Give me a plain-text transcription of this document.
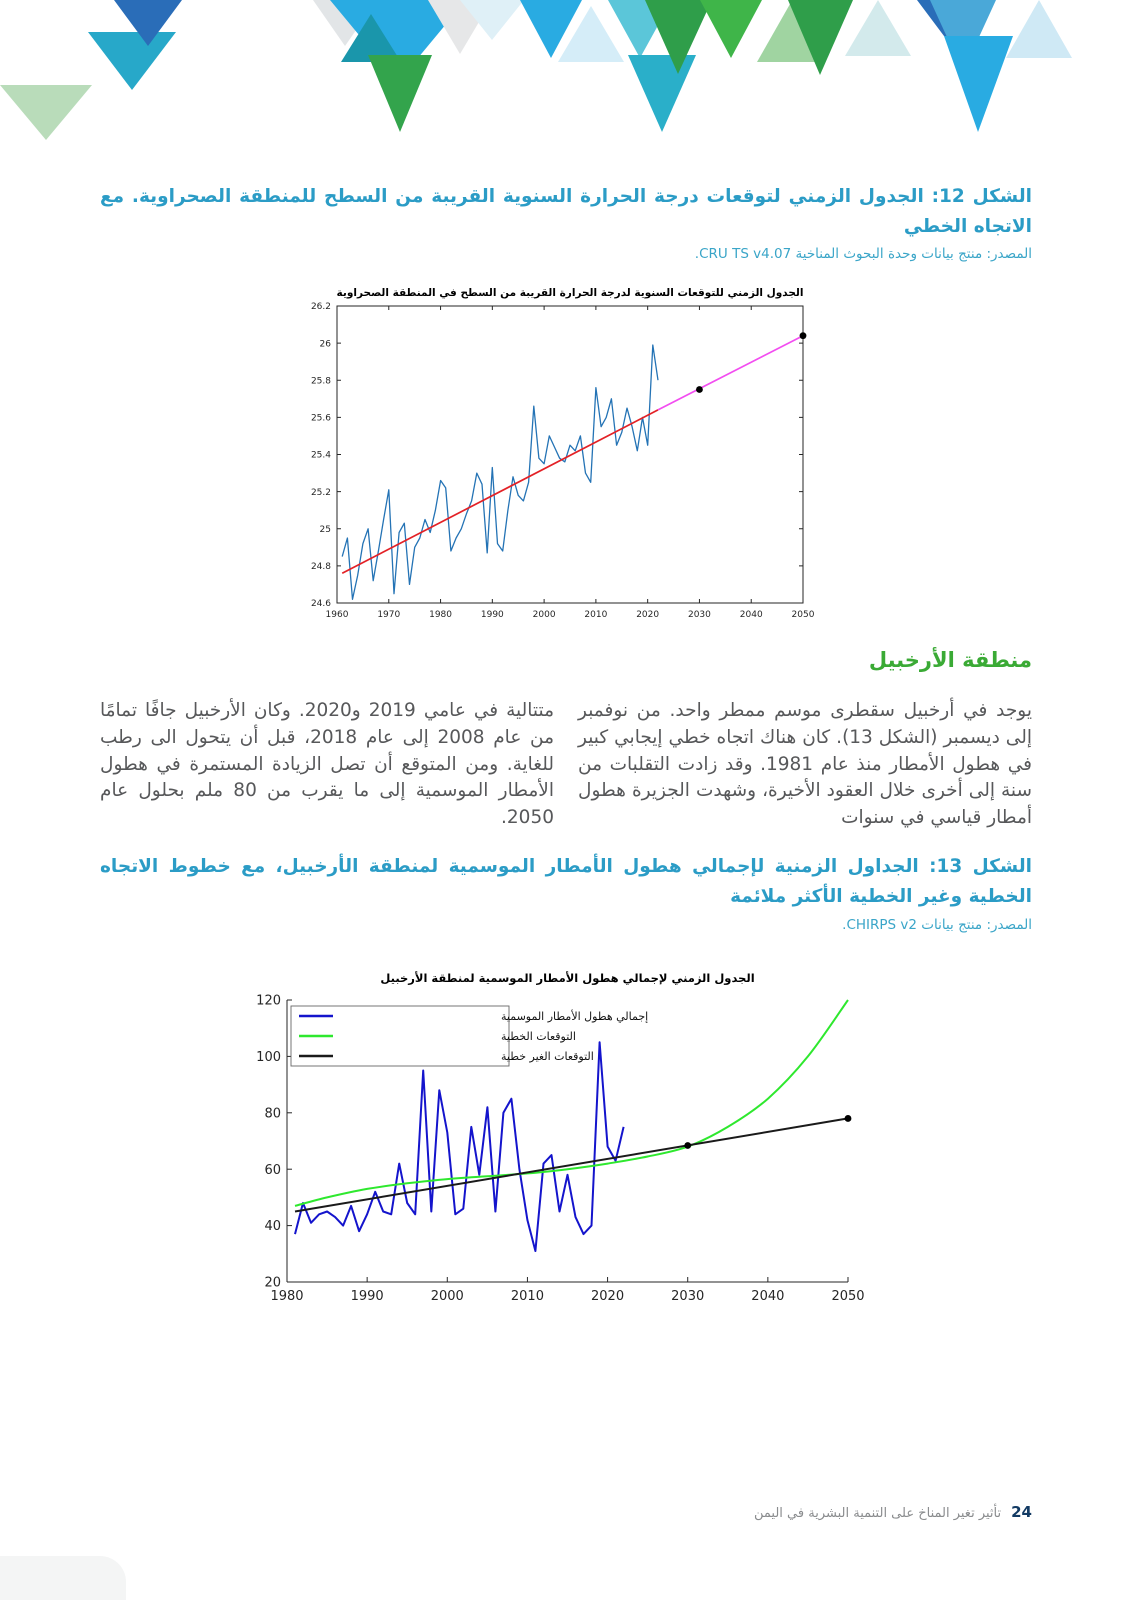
الشكل 12: الجدول الزمني لتوقعات درجة الحرارة السنوية القريبة من السطح للمنطقة الصحراوية. مع الاتجاه الخطي
المصدر: منتج بيانات وحدة البحوث المناخية CRU TS v4.07.
1960	1970	1980	1990	2000	2010	2020	2030	2040	2050
24.6
24.8
25
25.2
25.4
25.6
25.8
26
26.2
الجدول الزمني للتوقعات السنوية لدرجة الحرارة القريبة من السطح في المنطقة الصحراوية
منطقة الأرخبيل
يوجد في أرخبيل سقطرى موسم ممطر واحد. من نوفمبر إلى ديسمبر (الشكل 13). كان هناك اتجاه خطي إيجابي كبير في هطول الأمطار منذ عام 1981. وقد زادت التقلبات من سنة إلى أخرى خلال العقود الأخيرة، وشهدت الجزيرة هطول أمطار قياسي في سنوات
متتالية في عامي 2019 و2020. وكان الأرخبيل جافًا تمامًا من عام 2008 إلى عام 2018، قبل أن يتحول الى رطب للغاية. ومن المتوقع أن تصل الزيادة المستمرة في هطول الأمطار الموسمية إلى ما يقرب من 80 ملم بحلول عام 2050.
الشكل 13: الجداول الزمنية لإجمالي هطول الأمطار الموسمية لمنطقة الأرخبيل، مع خطوط الاتجاه الخطية وغير الخطية الأكثر ملائمة
المصدر: منتج بيانات CHIRPS v2.
1980	1990	2000	2010	2020	2030	2040	2050
20
40
60
80
100
120
الجدول الزمني لإجمالي هطول الأمطار الموسمية لمنطقة الأرخبيل
إجمالي هطول الأمطار الموسمية
التوقعات الخطية
التوقعات الغير خطية
24
تأثير تغير المناخ على التنمية البشرية في اليمن
